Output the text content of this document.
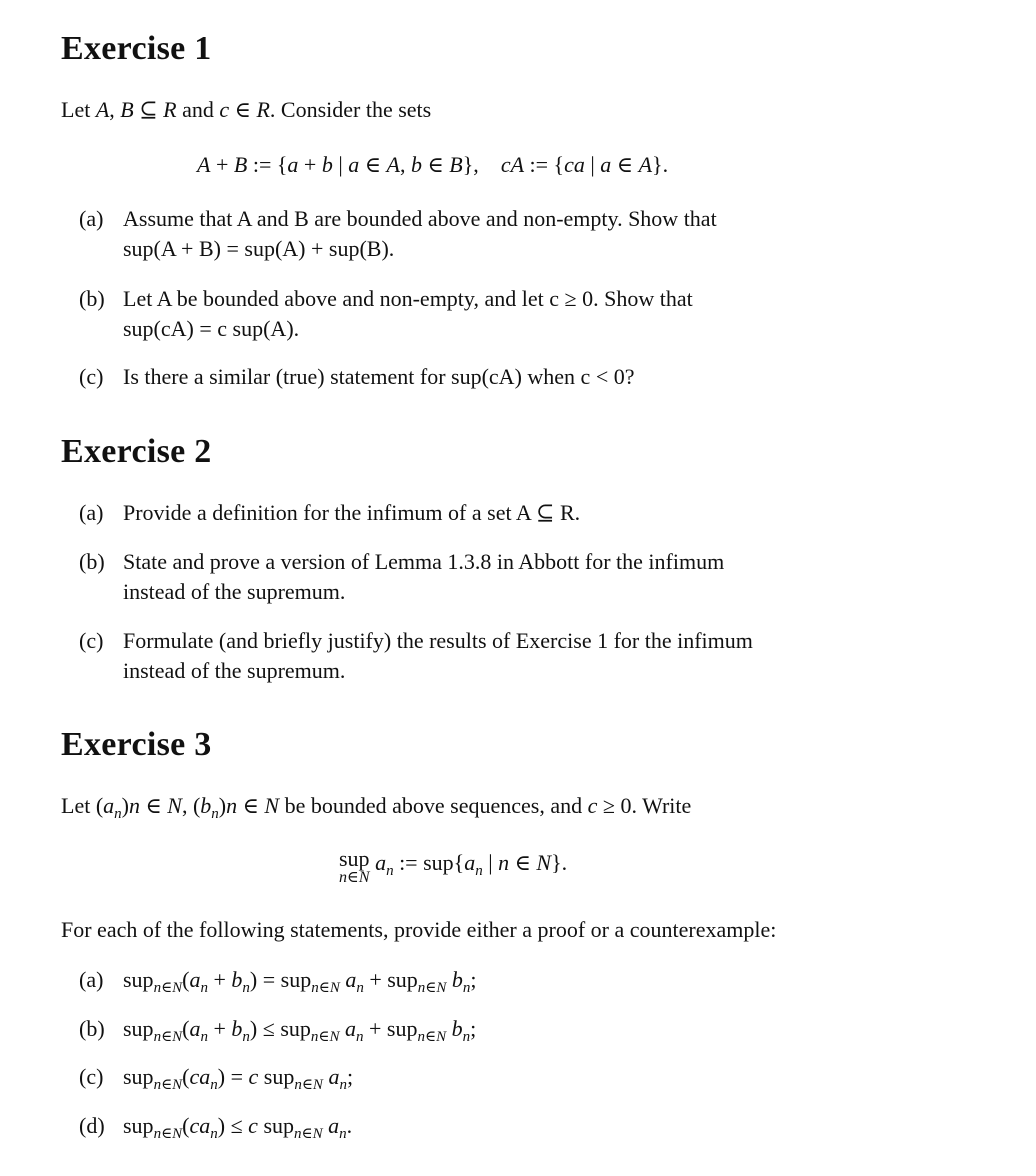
Exercise 1
Let A, B ⊆ R and c ∈ R. Consider the sets
A + B := {a + b | a ∈ A, b ∈ B},    cA := {ca | a ∈ A}.
(a) Assume that A and B are bounded above and non-empty. Show that
sup(A + B) = sup(A) + sup(B).
(b) Let A be bounded above and non-empty, and let c ≥ 0. Show that
sup(cA) = c sup(A).
(c) Is there a similar (true) statement for sup(cA) when c < 0?
Exercise 2
(a) Provide a definition for the infimum of a set A ⊆ R.
(b) State and prove a version of Lemma 1.3.8 in Abbott for the infimum
instead of the supremum.
(c) Formulate (and briefly justify) the results of Exercise 1 for the infimum
instead of the supremum.
Exercise 3
Let $(a_n)n$ ∈ N, $(b_n)n$ ∈ N be bounded above sequences, and c ≥ 0. Write
sup
n∈N
$a_n$ := $sup\{a_n$ | n ∈ N}.
For each of the following statements, provide either a proof or a counterexample:
(a) $sup_{n\in N}(a_n + b_n) = sup_{n\in N}$ $a_n + sup_{n\in N}$ $b_n$;
(b) $sup_{n\in N}(a_n + b_n) \le sup_{n\in N}$ $a_n + sup_{n\in N}$ $b_n$;
(c) $sup_{n\in N}(ca_n) = c$ sup$_{n\in N}$ $a_n$;
(d) $sup_{n\in N}(ca_n) \le c$ sup$_{n\in N}$ $a_n$.
